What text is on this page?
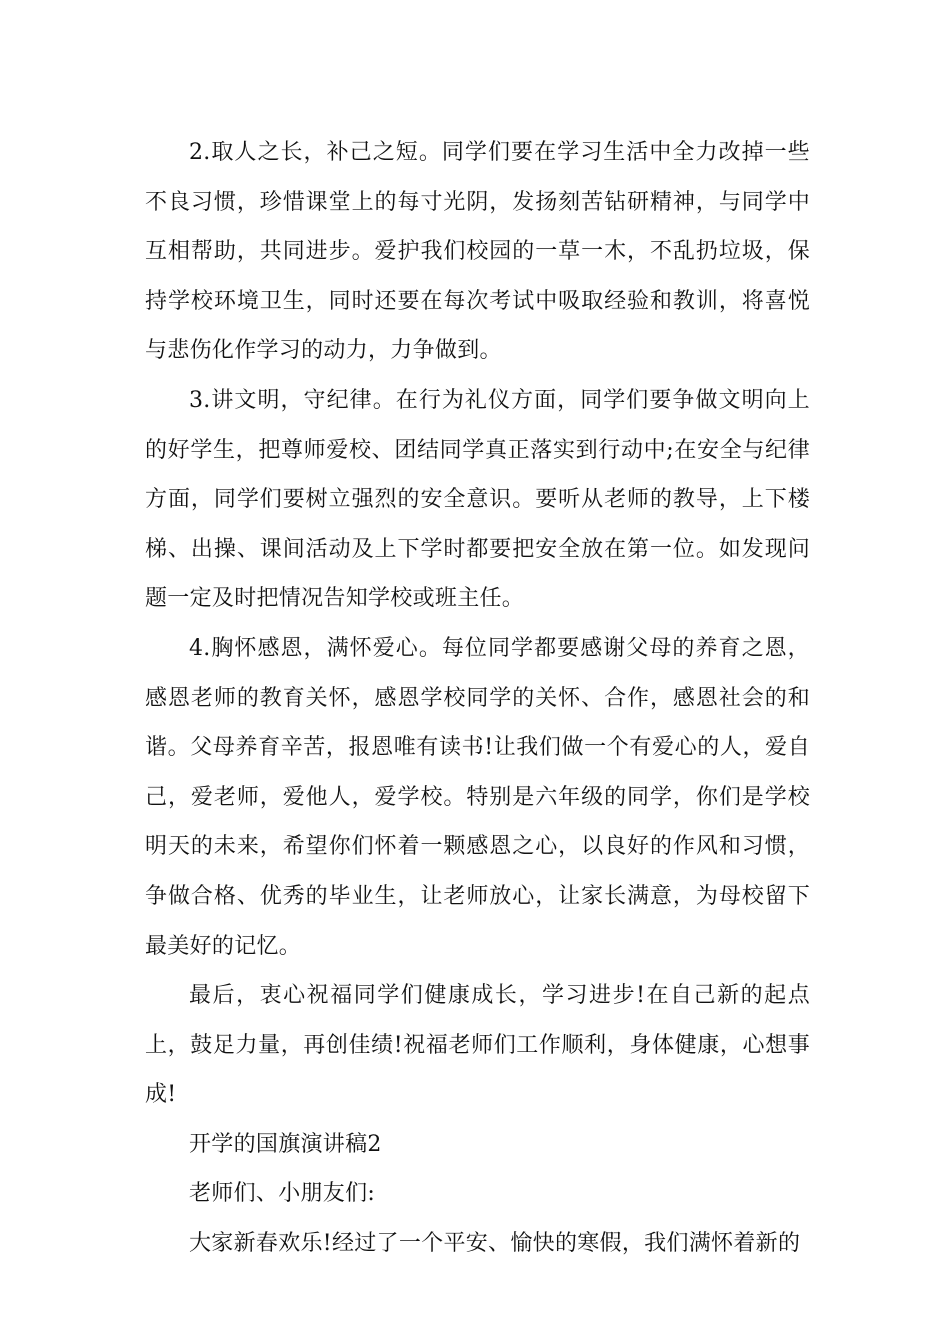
2.取人之长，补己之短。同学们要在学习生活中全力改掉一些不良习惯，珍惜课堂上的每寸光阴，发扬刻苦钻研精神，与同学中互相帮助，共同进步。爱护我们校园的一草一木，不乱扔垃圾，保持学校环境卫生，同时还要在每次考试中吸取经验和教训，将喜悦与悲伤化作学习的动力，力争做到。

3.讲文明，守纪律。在行为礼仪方面，同学们要争做文明向上的好学生，把尊师爱校、团结同学真正落实到行动中;在安全与纪律方面，同学们要树立强烈的安全意识。要听从老师的教导，上下楼梯、出操、课间活动及上下学时都要把安全放在第一位。如发现问题一定及时把情况告知学校或班主任。

4.胸怀感恩，满怀爱心。每位同学都要感谢父母的养育之恩，感恩老师的教育关怀，感恩学校同学的关怀、合作，感恩社会的和谐。父母养育辛苦，报恩唯有读书!让我们做一个有爱心的人，爱自己，爱老师，爱他人，爱学校。特别是六年级的同学，你们是学校明天的未来，希望你们怀着一颗感恩之心，以良好的作风和习惯，争做合格、优秀的毕业生，让老师放心，让家长满意，为母校留下最美好的记忆。

最后，衷心祝福同学们健康成长，学习进步!在自己新的起点上，鼓足力量，再创佳绩!祝福老师们工作顺利，身体健康，心想事成!

开学的国旗演讲稿2

老师们、小朋友们:

大家新春欢乐!经过了一个平安、愉快的寒假，我们满怀着新的
